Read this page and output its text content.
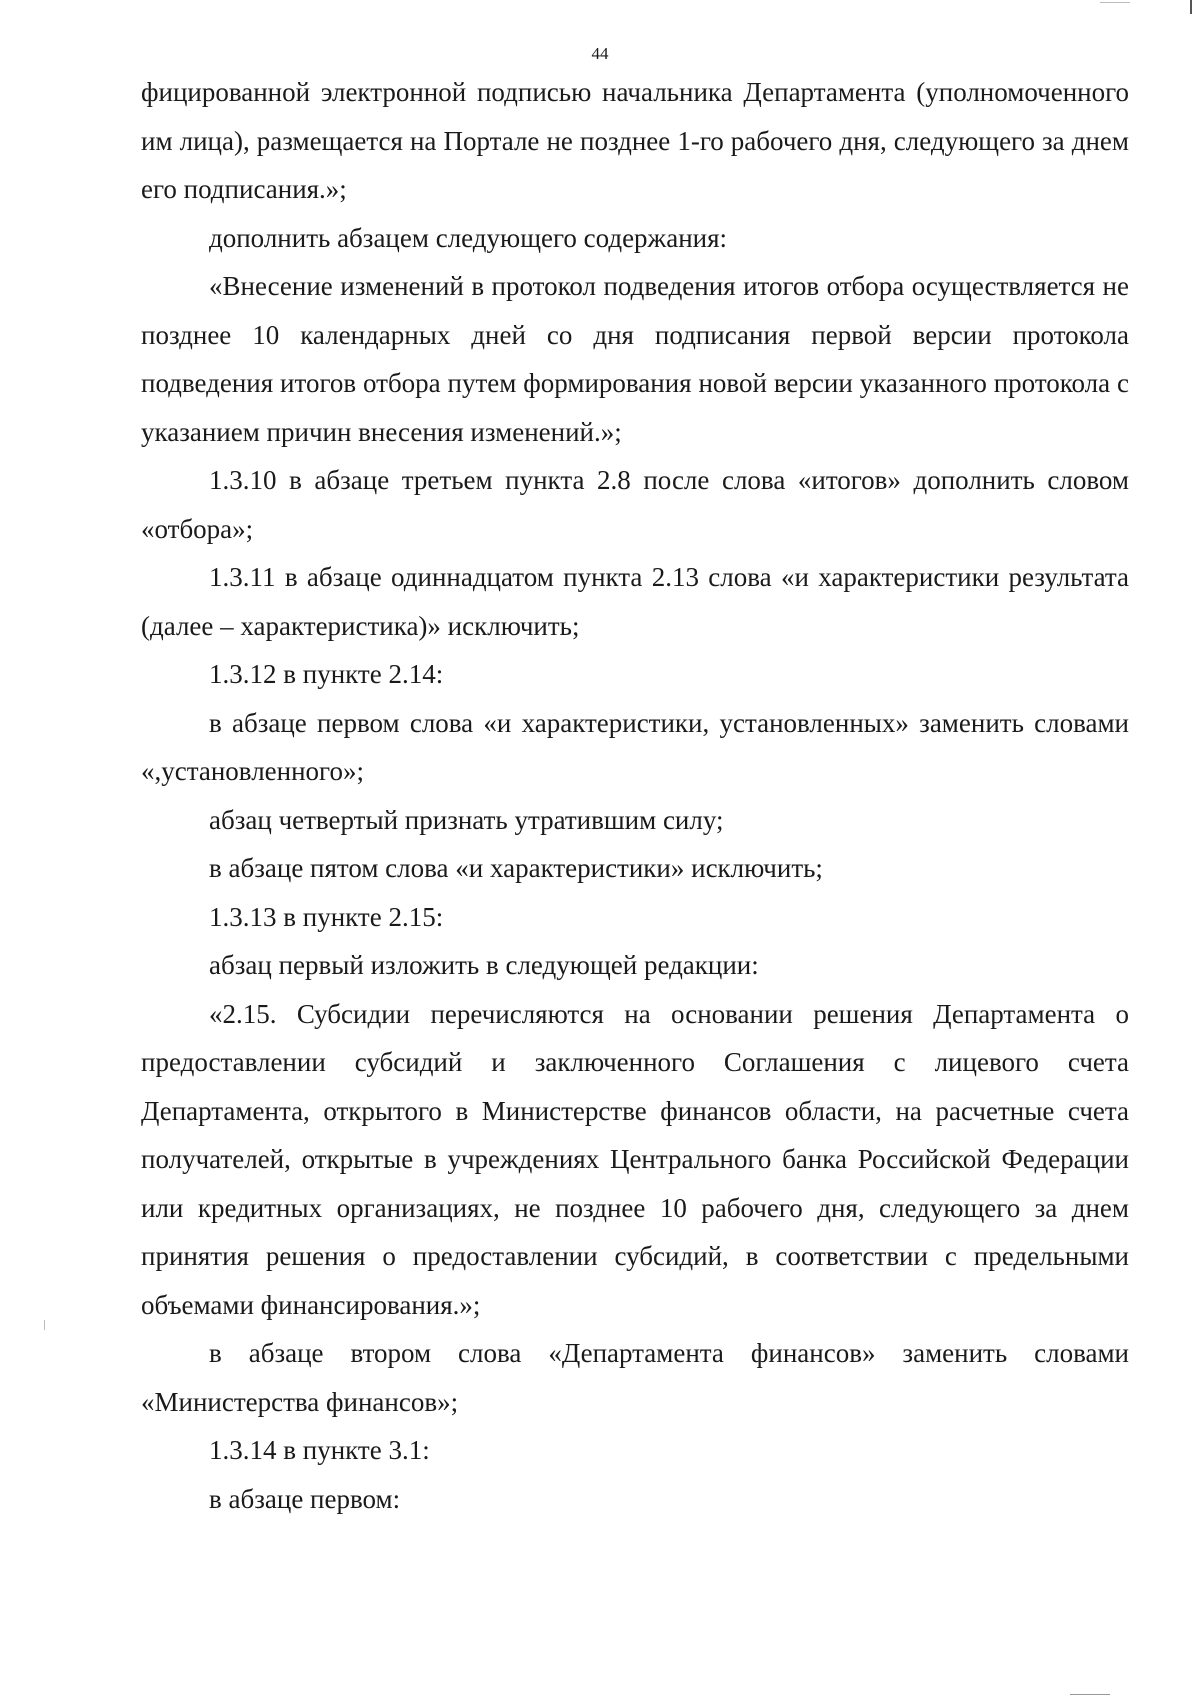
44

фицированной электронной подписью начальника Департамента (уполномоченного им лица), размещается на Портале не позднее 1-го рабочего дня, следующего за днем его подписания.»;

дополнить абзацем следующего содержания:

«Внесение изменений в протокол подведения итогов отбора осуществляется не позднее 10 календарных дней со дня подписания первой версии протокола подведения итогов отбора путем формирования новой версии указанного протокола с указанием причин внесения изменений.»;

1.3.10 в абзаце третьем пункта 2.8 после слова «итогов» дополнить словом «отбора»;

1.3.11 в абзаце одиннадцатом пункта 2.13 слова «и характеристики результата (далее – характеристика)» исключить;

1.3.12 в пункте 2.14:

в абзаце первом слова «и характеристики, установленных» заменить словами «,установленного»;

абзац четвертый признать утратившим силу;

в абзаце пятом слова «и характеристики» исключить;

1.3.13 в пункте 2.15:

абзац первый изложить в следующей редакции:

«2.15. Субсидии перечисляются на основании решения Департамента о предоставлении субсидий и заключенного Соглашения с лицевого счета Департамента, открытого в Министерстве финансов области, на расчетные счета получателей, открытые в учреждениях Центрального банка Российской Федерации или кредитных организациях, не позднее 10 рабочего дня, следующего за днем принятия решения о предоставлении субсидий, в соответствии с предельными объемами финансирования.»;

в абзаце втором слова «Департамента финансов» заменить словами «Министерства финансов»;

1.3.14 в пункте 3.1:

в абзаце первом:
